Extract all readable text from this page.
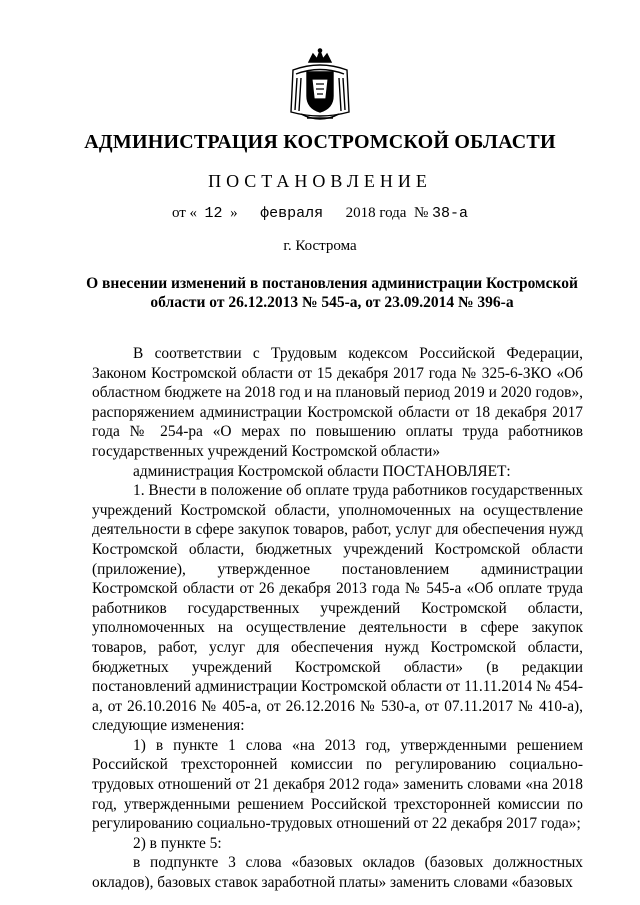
АДМИНИСТРАЦИЯ КОСТРОМСКОЙ ОБЛАСТИ
ПОСТАНОВЛЕНИЕ
от « 12 » февраля 2018 года № 38-а
г. Кострома
О внесении изменений в постановления администрации Костромской области от 26.12.2013 № 545-а, от 23.09.2014 № 396-а

В соответствии с Трудовым кодексом Российской Федерации, Законом Костромской области от 15 декабря 2017 года № 325-6-ЗКО «Об областном бюджете на 2018 год и на плановый период 2019 и 2020 годов», распоряжением администрации Костромской области от 18 декабря 2017 года № 254-ра «О мерах по повышению оплаты труда работников государственных учреждений Костромской области»

администрация Костромской области ПОСТАНОВЛЯЕТ:

1. Внести в положение об оплате труда работников государственных учреждений Костромской области, уполномоченных на осуществление деятельности в сфере закупок товаров, работ, услуг для обеспечения нужд Костромской области, бюджетных учреждений Костромской области (приложение), утвержденное постановлением администрации Костромской области от 26 декабря 2013 года № 545-а «Об оплате труда работников государственных учреждений Костромской области, уполномоченных на осуществление деятельности в сфере закупок товаров, работ, услуг для обеспечения нужд Костромской области, бюджетных учреждений Костромской области» (в редакции постановлений администрации Костромской области от 11.11.2014 № 454-а, от 26.10.2016 № 405-а, от 26.12.2016 № 530-а, от 07.11.2017 № 410-а), следующие изменения:

1) в пункте 1 слова «на 2013 год, утвержденными решением Российской трехсторонней комиссии по регулированию социально-трудовых отношений от 21 декабря 2012 года» заменить словами «на 2018 год, утвержденными решением Российской трехсторонней комиссии по регулированию социально-трудовых отношений от 22 декабря 2017 года»;

2) в пункте 5:

в подпункте 3 слова «базовых окладов (базовых должностных окладов), базовых ставок заработной платы» заменить словами «базовых
